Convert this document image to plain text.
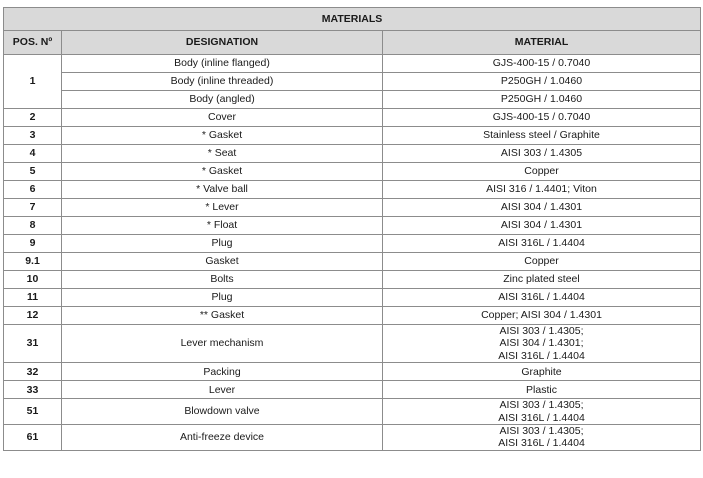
MATERIALS		
POS. Nº	DESIGNATION	MATERIAL
1	Body (inline flanged)	GJS-400-15 / 0.7040

	Body (inline threaded)	P250GH / 1.0460

	Body (angled)	P250GH / 1.0460

2	Cover	GJS-400-15 / 0.7040

3	* Gasket	Stainless steel / Graphite

4	* Seat	AISI 303 / 1.4305

5	* Gasket	Copper

6	* Valve ball	AISI 316 / 1.4401; Viton

7	* Lever	AISI 304 / 1.4301

8	* Float	AISI 304 / 1.4301

9	Plug	AISI 316L / 1.4404

9.1	Gasket	Copper

10	Bolts	Zinc plated steel

11	Plug	AISI 316L / 1.4404

12	** Gasket	Copper; AISI 304 / 1.4301

31	Lever mechanism	AISI 303 / 1.4305;
AISI 304 / 1.4301;
AISI 316L / 1.4404

32	Packing	Graphite

33	Lever	Plastic

51	Blowdown valve	AISI 303 / 1.4305;
AISI 316L / 1.4404

61	Anti-freeze device	AISI 303 / 1.4305;
AISI 316L / 1.4404
